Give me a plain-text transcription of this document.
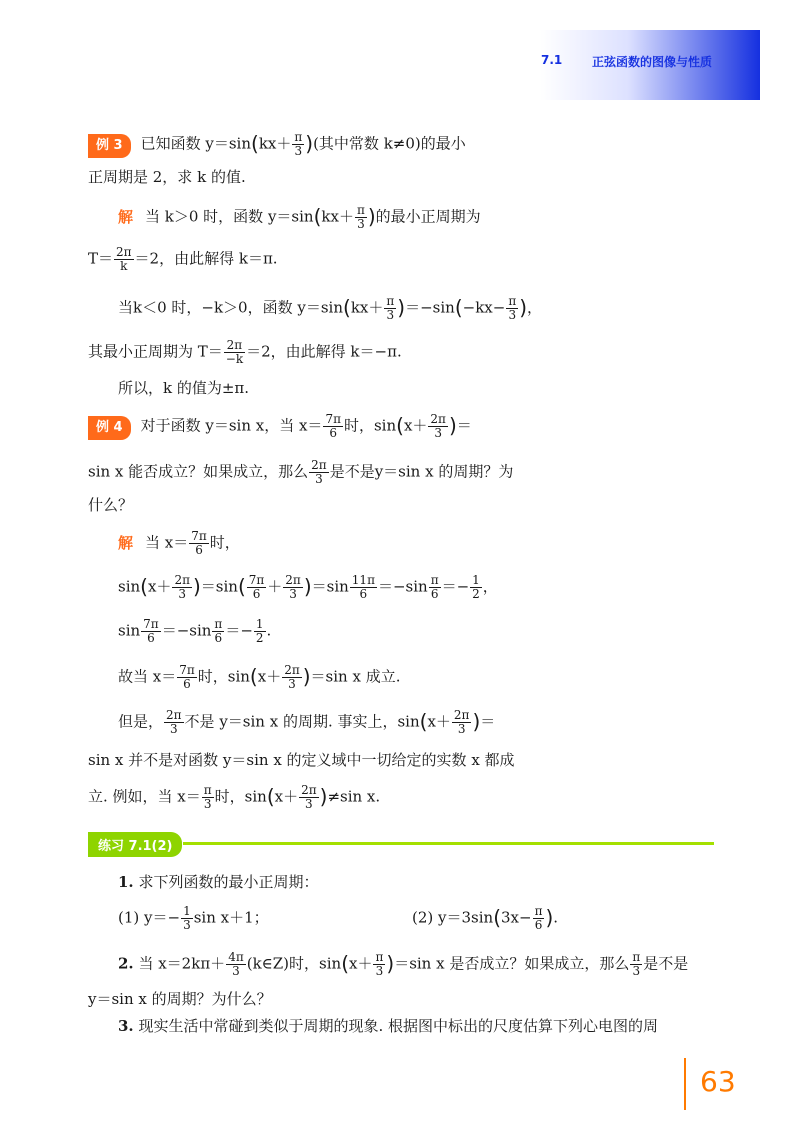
7.1 正弦函数的图像与性质
例 3 已知函数 $y=\sin(kx+ \frac{\pi}{3}$ )(其中常数 k≠0)的最小
正周期是 2，求 k 的值.
解 当 k＞0 时，函数 $y=\sin(kx+ \frac{\pi}{3}$ )的最小正周期为
$T= \frac{2\pi}{k} =2$，由此解得 k＝π.
当k＜0 时，−k＞0，函数 $y=\sin(kx+ \frac{\pi}{3} )=-\sin(-kx- \frac{\pi}{3}$ )，
其最小正周期为 $T= \frac{2\pi}{-k} =2$，由此解得 k＝−π.
所以，k 的值为±π.
例 4 对于函数 y＝sin x，当 $x= \frac{7\pi}{6}$ 时，$\sin(x+ \frac{2\pi}{3}$ )＝
sin x 能否成立？如果成立，那么 $\frac{2\pi}{3}$ 是不是y＝sin x 的周期？为
什么？
解 当 $x= \frac{7\pi}{6}$ 时，
$\sin(x+ \frac{2\pi}{3} )=\sin( \frac{7\pi}{6} + \frac{2\pi}{3} )=\sin \frac{11\pi}{6} =-\sin \frac{\pi}{6} =- \frac{1}{2}$ ，
$\sin \frac{7\pi}{6} =-\sin \frac{\pi}{6} =- \frac{1}{2}$ .
故当 $x= \frac{7\pi}{6}$ 时，$\sin(x+ \frac{2\pi}{3} )=\sin$ x 成立.
但是， $\frac{2\pi}{3}$ 不是 y＝sin x 的周期. 事实上，$\sin(x+ \frac{2\pi}{3}$ )＝
sin x 并不是对函数 y＝sin x 的定义域中一切给定的实数 x 都成
立. 例如，当 $x= \frac{\pi}{3}$ 时，$\sin(x+ \frac{2\pi}{3} )\ne\sin$ x.
练习 7.1(2)
1. 求下列函数的最小正周期：
(1) $y=- \frac{1}{3}$ sin x＋1；	(2) $y=3\sin(3x- \frac{\pi}{6}$ ).
2. 当 $x=2k\pi+ \frac{4\pi}{3}$ (k∈Z)时，$\sin(x+ \frac{\pi}{3} )=\sin$ x 是否成立？如果成立，那么 $\frac{\pi}{3}$ 是不是
y＝sin x 的周期？为什么？
3. 现实生活中常碰到类似于周期的现象. 根据图中标出的尺度估算下列心电图的周
63
